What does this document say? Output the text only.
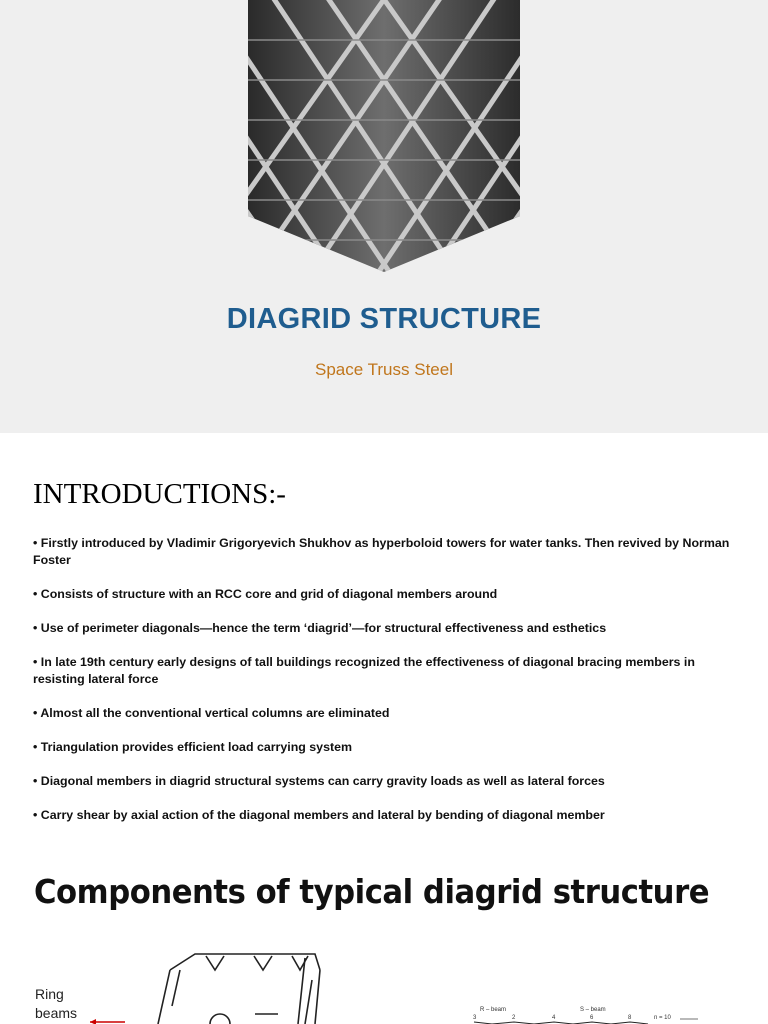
DIAGRID STRUCTURE
Space Truss Steel
INTRODUCTIONS:-
• Firstly introduced by Vladimir Grigoryevich Shukhov as hyperboloid towers for water tanks. Then revived by Norman Foster
• Consists of structure with an RCC core and grid of diagonal members around
• Use of perimeter diagonals—hence the term ‘diagrid’—for structural effectiveness and esthetics
• In late 19th century early designs of tall buildings recognized the effectiveness of diagonal bracing members in resisting lateral force
• Almost all the conventional vertical columns are eliminated
• Triangulation provides efficient load carrying system
• Diagonal members in diagrid structural systems can carry gravity loads as well as lateral forces
• Carry shear by axial action of the diagonal members and lateral by bending of diagonal member
Components of typical diagrid structure
Ring
beams	R – beam	S – beam
3	2	4	6	8	n = 10
